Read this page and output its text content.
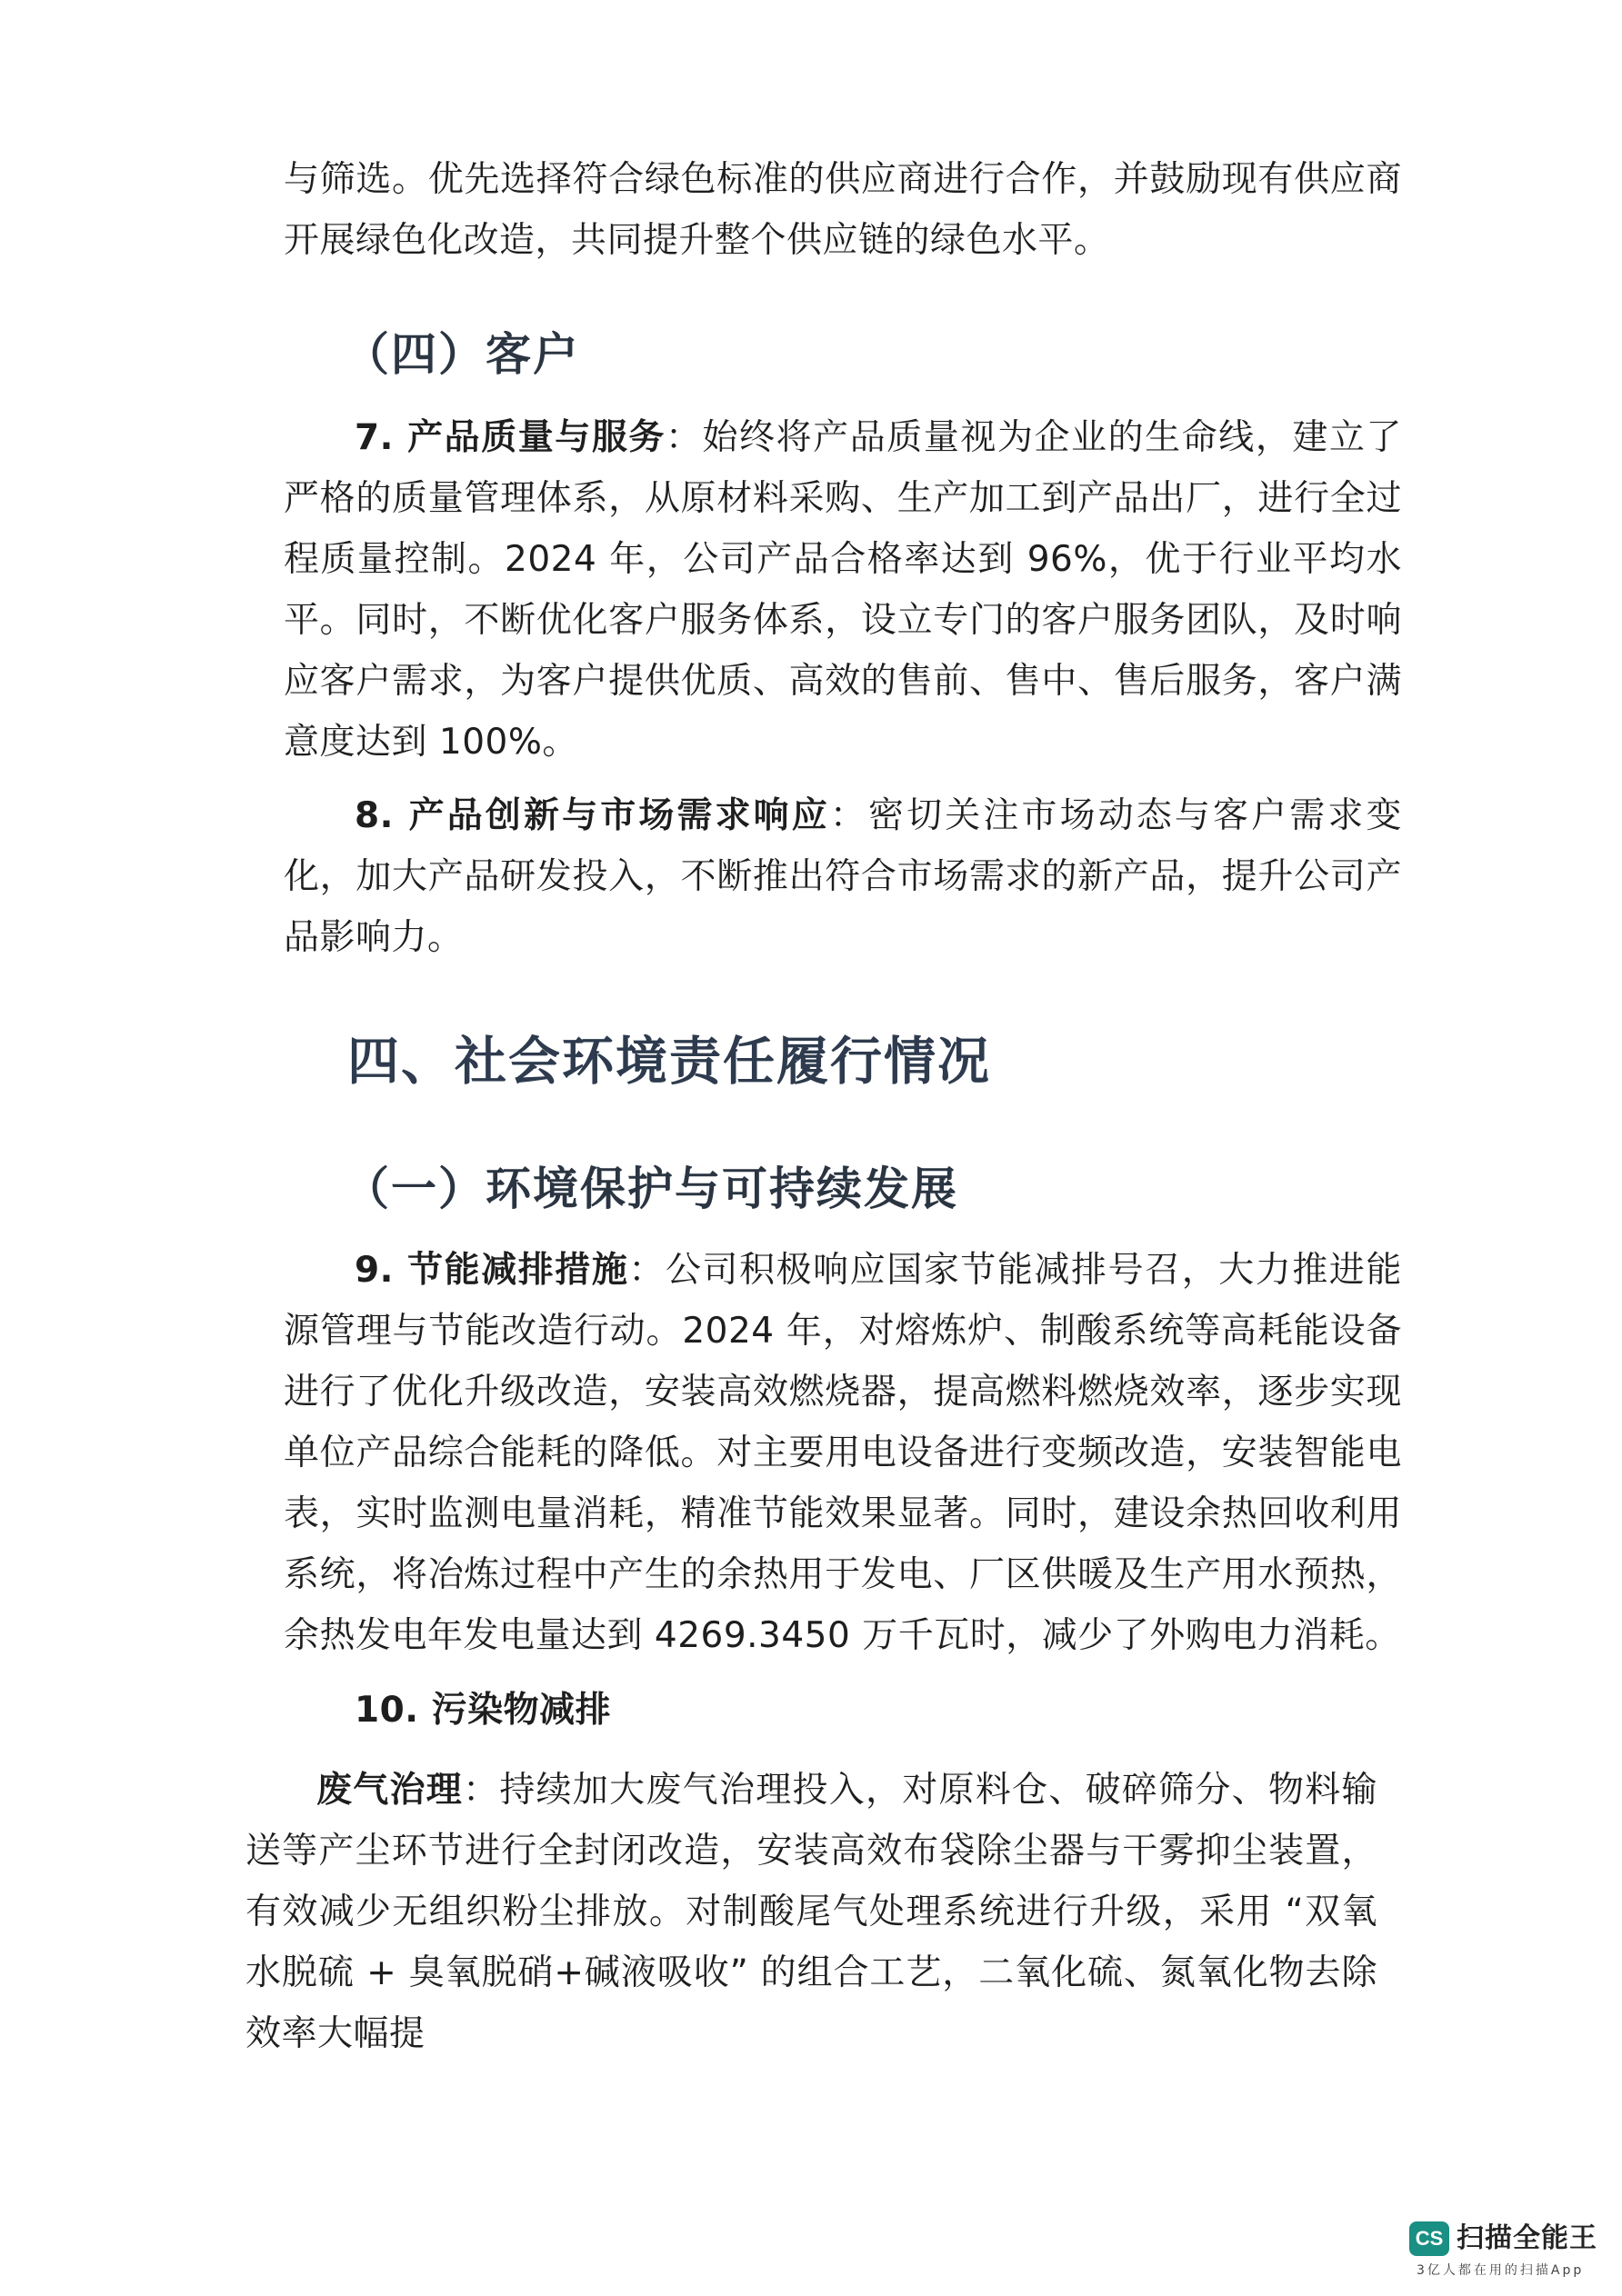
与筛选。优先选择符合绿色标准的供应商进行合作，并鼓励现有供应商开展绿色化改造，共同提升整个供应链的绿色水平。

（四）客户

7. 产品质量与服务：始终将产品质量视为企业的生命线，建立了严格的质量管理体系，从原材料采购、生产加工到产品出厂，进行全过程质量控制。2024 年，公司产品合格率达到 96%，优于行业平均水平。同时，不断优化客户服务体系，设立专门的客户服务团队，及时响应客户需求，为客户提供优质、高效的售前、售中、售后服务，客户满意度达到 100%。

8. 产品创新与市场需求响应：密切关注市场动态与客户需求变化，加大产品研发投入，不断推出符合市场需求的新产品，提升公司产品影响力。

四、社会环境责任履行情况
（一）环境保护与可持续发展

9. 节能减排措施：公司积极响应国家节能减排号召，大力推进能源管理与节能改造行动。2024 年，对熔炼炉、制酸系统等高耗能设备进行了优化升级改造，安装高效燃烧器，提高燃料燃烧效率，逐步实现单位产品综合能耗的降低。对主要用电设备进行变频改造，安装智能电表，实时监测电量消耗，精准节能效果显著。同时，建设余热回收利用系统，将冶炼过程中产生的余热用于发电、厂区供暖及生产用水预热，余热发电年发电量达到 4269.3450 万千瓦时，减少了外购电力消耗。

10. 污染物减排

废气治理：持续加大废气治理投入，对原料仓、破碎筛分、物料输送等产尘环节进行全封闭改造，安装高效布袋除尘器与干雾抑尘装置，有效减少无组织粉尘排放。对制酸尾气处理系统进行升级，采用 “双氧水脱硫 + 臭氧脱硝+碱液吸收” 的组合工艺，二氧化硫、氮氧化物去除效率大幅提

CS 扫描全能王
3亿人都在用的扫描App
